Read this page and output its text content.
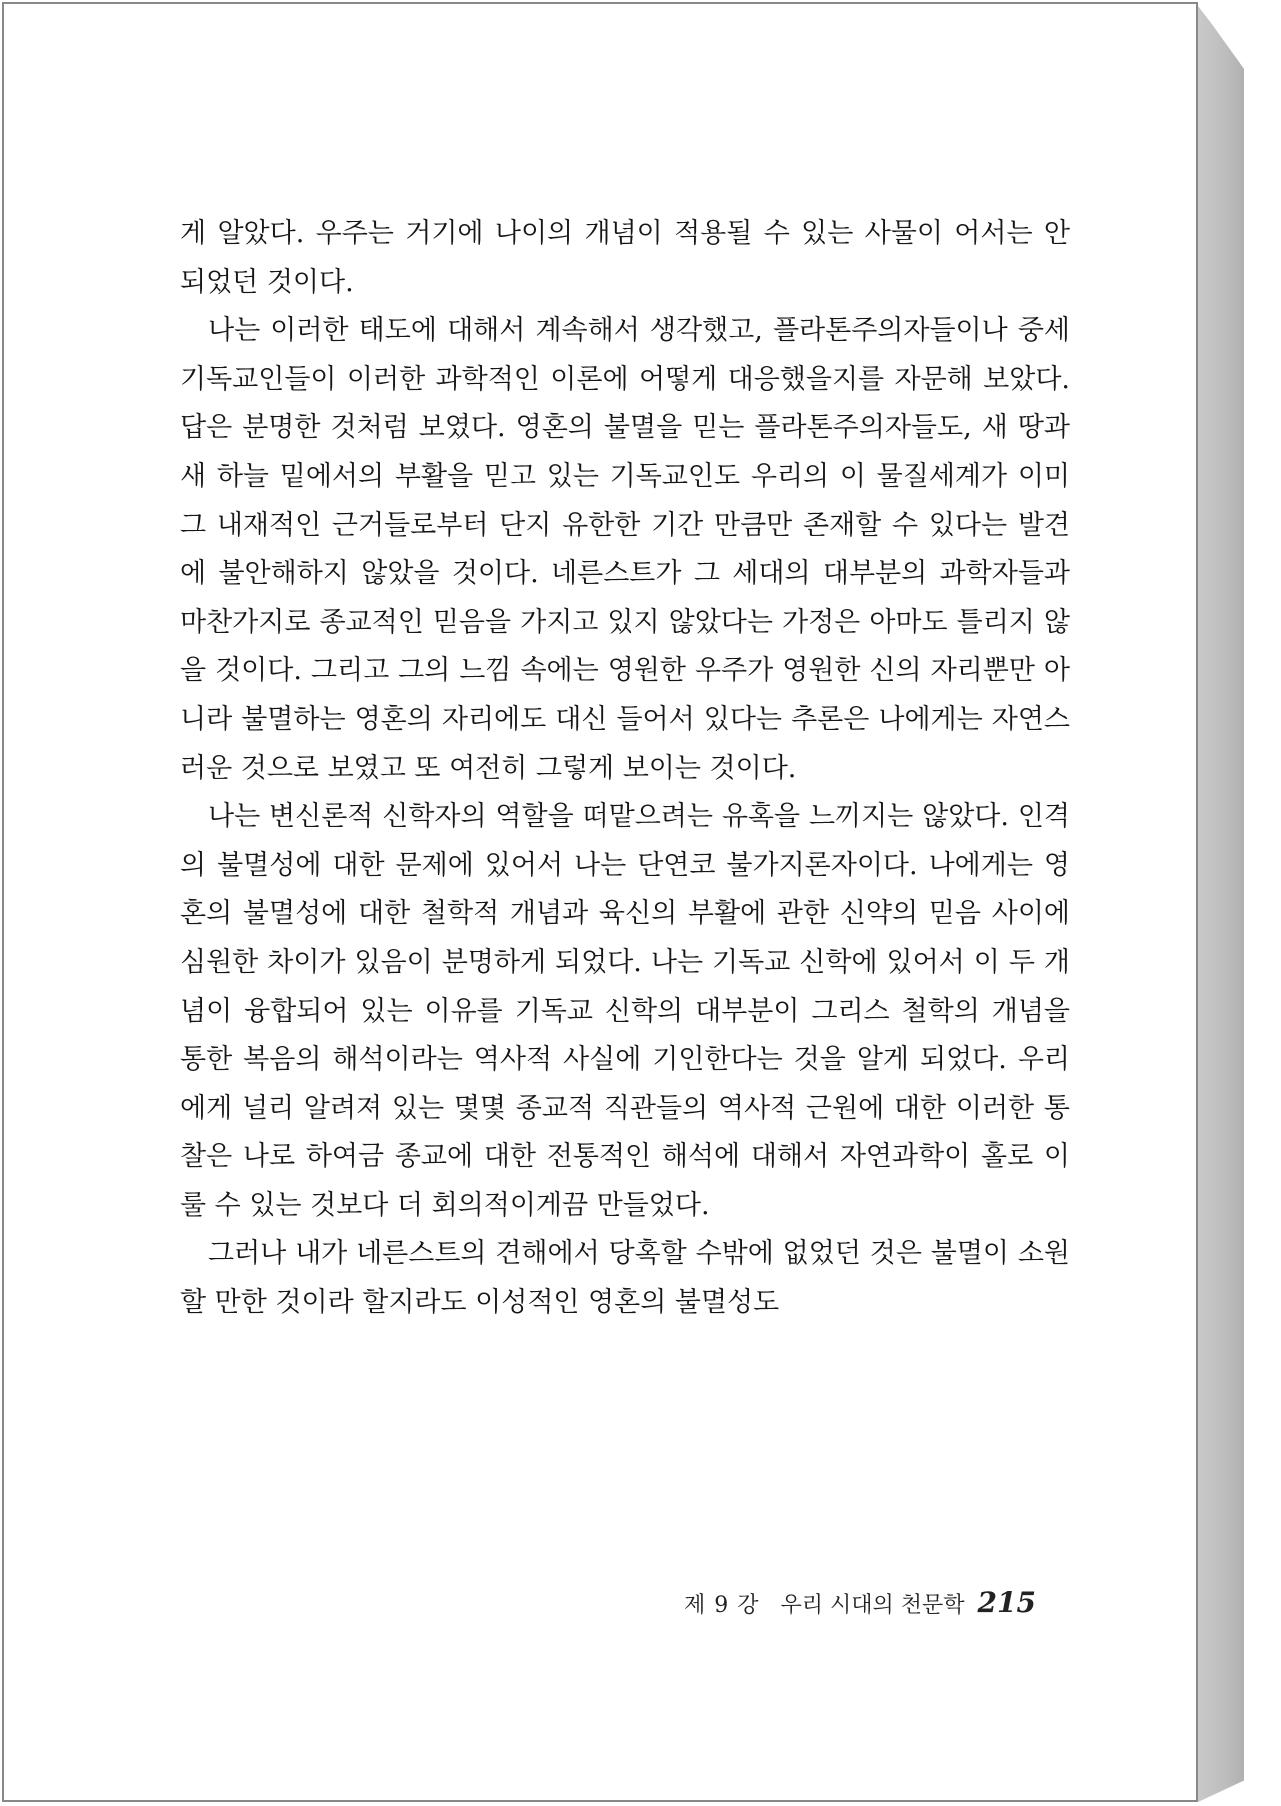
게 알았다. 우주는 거기에 나이의 개념이 적용될 수 있는 사물이 어서는 안 되었던 것이다.

나는 이러한 태도에 대해서 계속해서 생각했고, 플라톤주의자들이나 중세 기독교인들이 이러한 과학적인 이론에 어떻게 대응했을지를 자문해 보았다. 답은 분명한 것처럼 보였다. 영혼의 불멸을 믿는 플라톤주의자들도, 새 땅과 새 하늘 밑에서의 부활을 믿고 있는 기독교인도 우리의 이 물질세계가 이미 그 내재적인 근거들로부터 단지 유한한 기간 만큼만 존재할 수 있다는 발견에 불안해하지 않았을 것이다. 네른스트가 그 세대의 대부분의 과학자들과 마찬가지로 종교적인 믿음을 가지고 있지 않았다는 가정은 아마도 틀리지 않을 것이다. 그리고 그의 느낌 속에는 영원한 우주가 영원한 신의 자리뿐만 아니라 불멸하는 영혼의 자리에도 대신 들어서 있다는 추론은 나에게는 자연스러운 것으로 보였고 또 여전히 그렇게 보이는 것이다.

나는 변신론적 신학자의 역할을 떠맡으려는 유혹을 느끼지는 않았다. 인격의 불멸성에 대한 문제에 있어서 나는 단연코 불가지론자이다. 나에게는 영혼의 불멸성에 대한 철학적 개념과 육신의 부활에 관한 신약의 믿음 사이에 심원한 차이가 있음이 분명하게 되었다. 나는 기독교 신학에 있어서 이 두 개념이 융합되어 있는 이유를 기독교 신학의 대부분이 그리스 철학의 개념을 통한 복음의 해석이라는 역사적 사실에 기인한다는 것을 알게 되었다. 우리에게 널리 알려져 있는 몇몇 종교적 직관들의 역사적 근원에 대한 이러한 통찰은 나로 하여금 종교에 대한 전통적인 해석에 대해서 자연과학이 홀로 이룰 수 있는 것보다 더 회의적이게끔 만들었다.

그러나 내가 네른스트의 견해에서 당혹할 수밖에 없었던 것은 불멸이 소원할 만한 것이라 할지라도 이성적인 영혼의 불멸성도

제 9 강 우리 시대의 천문학 215
